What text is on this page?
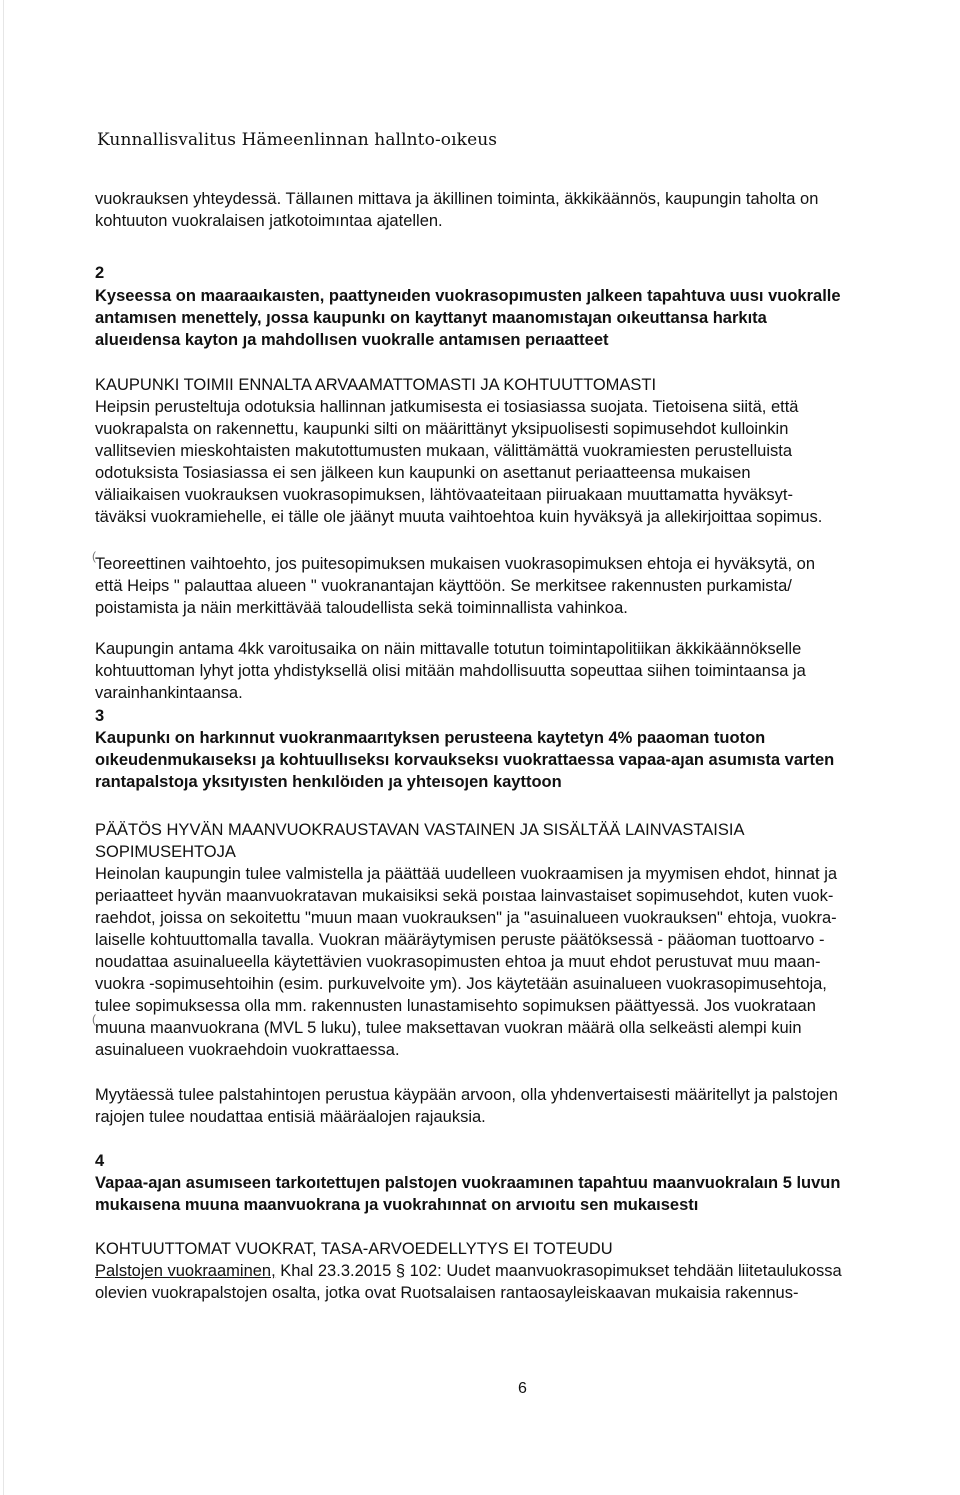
Kunnallisvalitus Hämeenlinnan hallnto-oıkeus
vuokrauksen yhteydessä. Tällaınen mittava ja äkillinen toiminta, äkkikäännös, kaupungin taholta on
kohtuuton vuokralaisen jatkotoimıntaa ajatellen.
2
Kyseessa on maaraaıkaısten, paattyneıden vuokrasopımusten ȷalkeen tapahtuva uusı vuokralle
antamısen menettely, ȷossa kaupunkı on kayttanyt maanomıstaȷan oıkeuttansa harkıta
alueıdensa kayton ȷa mahdollısen vuokralle antamısen perıaatteet
KAUPUNKI TOIMII ENNALTA ARVAAMATTOMASTI JA KOHTUUTTOMASTI
Heipsin perusteltuja odotuksia hallinnan jatkumisesta ei tosiasiassa suojata. Tietoisena siitä, että
vuokrapalsta on rakennettu, kaupunki silti on määrittänyt yksipuolisesti sopimusehdot kulloinkin
vallitsevien mieskohtaisten makutottumusten mukaan, välittämättä vuokramiesten perustelluista
odotuksista Tosiasiassa ei sen jälkeen kun kaupunki on asettanut periaatteensa mukaisen
väliaikaisen vuokrauksen vuokrasopimuksen, lähtövaateitaan piiruakaan muuttamatta hyväksyt-
täväksi vuokramiehelle, ei tälle ole jäänyt muuta vaihtoehtoa kuin hyväksyä ja allekirjoittaa sopimus.
( Teoreettinen vaihtoehto, jos puitesopimuksen mukaisen vuokrasopimuksen ehtoja ei hyväksytä, on
että Heips " palauttaa alueen " vuokranantajan käyttöön. Se merkitsee rakennusten purkamista/
poistamista ja näin merkittävää taloudellista sekä toiminnallista vahinkoa.
Kaupungin antama 4kk varoitusaika on näin mittavalle totutun toimintapolitiikan äkkikäännökselle
kohtuuttoman lyhyt jotta yhdistyksellä olisi mitään mahdollisuutta sopeuttaa siihen toimintaansa ja
varainhankintaansa.
3
Kaupunkı on harkınnut vuokranmaarıtyksen perusteena kaytetyn 4% paaoman tuoton
oıkeudenmukaıseksı ȷa kohtuullıseksı korvaukseksı vuokrattaessa vapaa-aȷan asumısta varten
rantapalstoȷa yksıtyısten henkılöıden ȷa yhteısoȷen kayttoon
PÄÄTÖS HYVÄN MAANVUOKRAUSTAVAN VASTAINEN JA SISÄLTÄÄ LAINVASTAISIA
SOPIMUSEHTOJA
Heinolan kaupungin tulee valmistella ja päättää uudelleen vuokraamisen ja myymisen ehdot, hinnat ja
periaatteet hyvän maanvuokratavan mukaisiksi sekä poıstaa lainvastaiset sopimusehdot, kuten vuok-
raehdot, joissa on sekoitettu "muun maan vuokrauksen" ja "asuinalueen vuokrauksen" ehtoja, vuokra-
laiselle kohtuuttomalla tavalla. Vuokran määräytymisen peruste päätöksessä - pääoman tuottoarvo -
noudattaa asuinalueella käytettävien vuokrasopimusten ehtoa ja muut ehdot perustuvat muu maan-
vuokra -sopimusehtoihin (esim. purkuvelvoite ym). Jos käytetään asuinalueen vuokrasopimusehtoja,
tulee sopimuksessa olla mm. rakennusten lunastamisehto sopimuksen päättyessä. Jos vuokrataan
muuna maanvuokrana (MVL 5 luku), tulee maksettavan vuokran määrä olla selkeästi alempi kuin
asuinalueen vuokraehdoin vuokrattaessa.
(
Myytäessä tulee palstahintoȷen perustua käypään arvoon, olla yhdenvertaisesti määritellyt ja palstojen
rajojen tulee noudattaa entisiä määräalojen rajauksia.
4
Vapaa-aȷan asumıseen tarkoıtettuȷen palstoȷen vuokraamınen tapahtuu maanvuokralaın 5 luvun
mukaısena muuna maanvuokrana ȷa vuokrahınnat on arvıoıtu sen mukaısestı
KOHTUUTTOMAT VUOKRAT, TASA-ARVOEDELLYTYS EI TOTEUDU
Palstojen vuokraaminen, Khal 23.3.2015 § 102: Uudet maanvuokrasopimukset tehdään liitetaulukossa
olevien vuokrapalstojen osalta, jotka ovat Ruotsalaisen rantaosayleiskaavan mukaisia rakennus-
6
